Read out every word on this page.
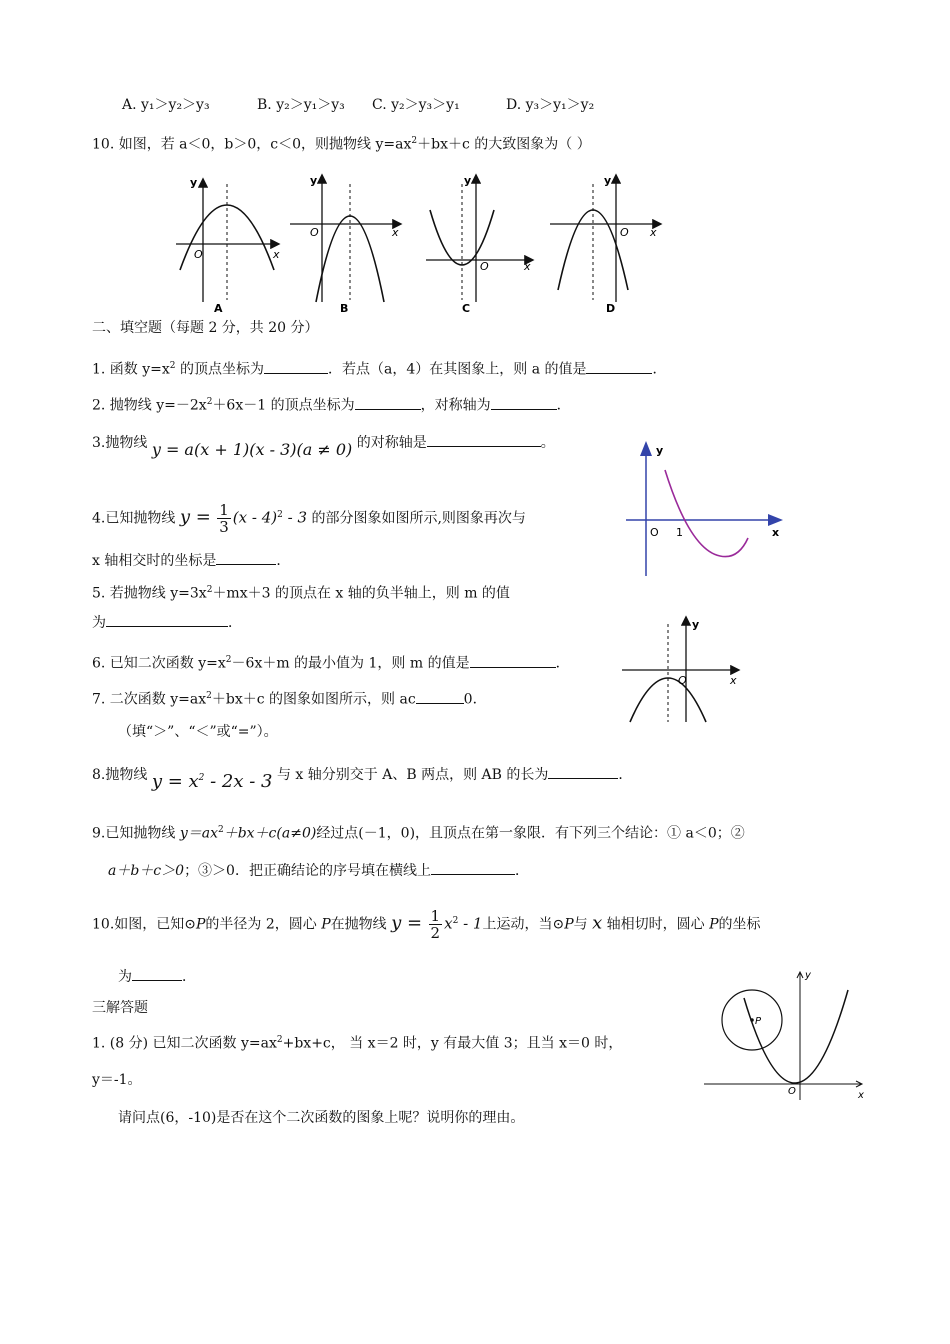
A. y₁＞y₂＞y₃	B. y₂＞y₁＞y₃ C. y₂＞y₃＞y₁	D. y₃＞y₁＞y₂
10. 如图，若 a＜0，b＞0，c＜0，则抛物线 $y=ax^2+bx+c$ 的大致图象为（ ）
y
x
O
A
y
x
O
B
y
x
O
C
y
x
O
D
二、填空题（每题 2 分，共 20 分）
1. 函数 $y=x^2$ 的顶点坐标为	．若点（a，4）在其图象上，则 a 的值是	．
2. 抛物线 $y=-2x^2+6x-1$ 的顶点坐标为	，对称轴为	．
3.抛物线 y = a(x + 1)(x - 3)(a ≠ 0) 的对称轴是	。	y
x
O 1
4.已知抛物线 $y = \frac{1}{3} (x - 4)^2 - 3$ 的部分图象如图所示,则图象再次与
x 轴相交时的坐标是	．
5. 若抛物线 $y=3x^2+mx+3$ 的顶点在 x 轴的负半轴上，则 m 的值
为	．
6. 已知二次函数 $y=x^2-6x+m$ 的最小值为 1，则 m 的值是	．
y
x
O
7. 二次函数 $y=ax^2+bx+c$ 的图象如图所示，则 ac	0．
（填“＞”、“＜”或“=”）。
8.抛物线 $y = x^2 - 2x - 3$ 与 x 轴分别交于 A、B 两点，则 AB 的长为	．
9.已知抛物线 $y=ax^2+bx+c(a\ne 0)$经过点(－1，0)，且顶点在第一象限．有下列三个结论：① a＜0；②
a＋b＋c＞0；③＞0．把正确结论的序号填在横线上	．
10.如图，已知⊙P的半径为 2，圆心 P在抛物线 $y = \frac{1}{2} x^2 - 1$上运动，当⊙P与 x 轴相切时，圆心 P的坐标
为	．
三解答题
y
x
O
P
1. (8 分) 已知二次函数 $y=ax^2+bx+c$， 当 x＝2 时，y 有最大值 3；且当 x＝0 时，
y＝-1。
请问点(6，-10)是否在这个二次函数的图象上呢？说明你的理由。
